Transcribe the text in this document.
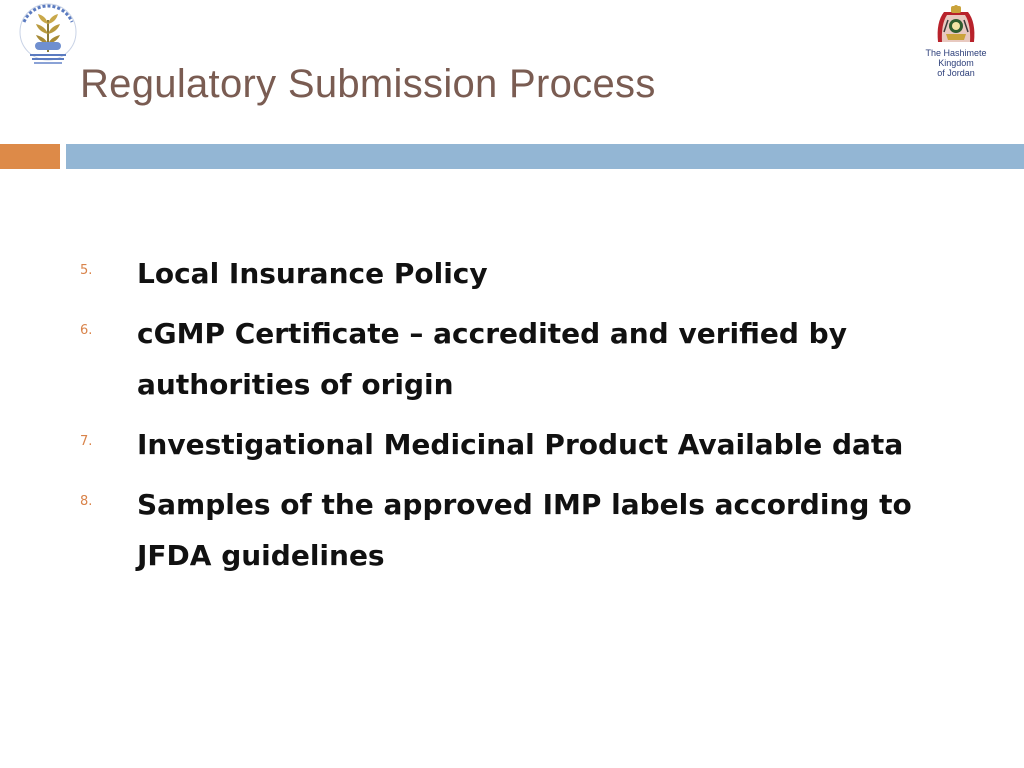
The Hashimete Kingdom
of Jordan
Regulatory Submission Process
5. Local Insurance Policy
6. cGMP Certificate – accredited and verified by authorities of origin
7. Investigational Medicinal Product Available data
8. Samples of the approved IMP labels according to JFDA guidelines
